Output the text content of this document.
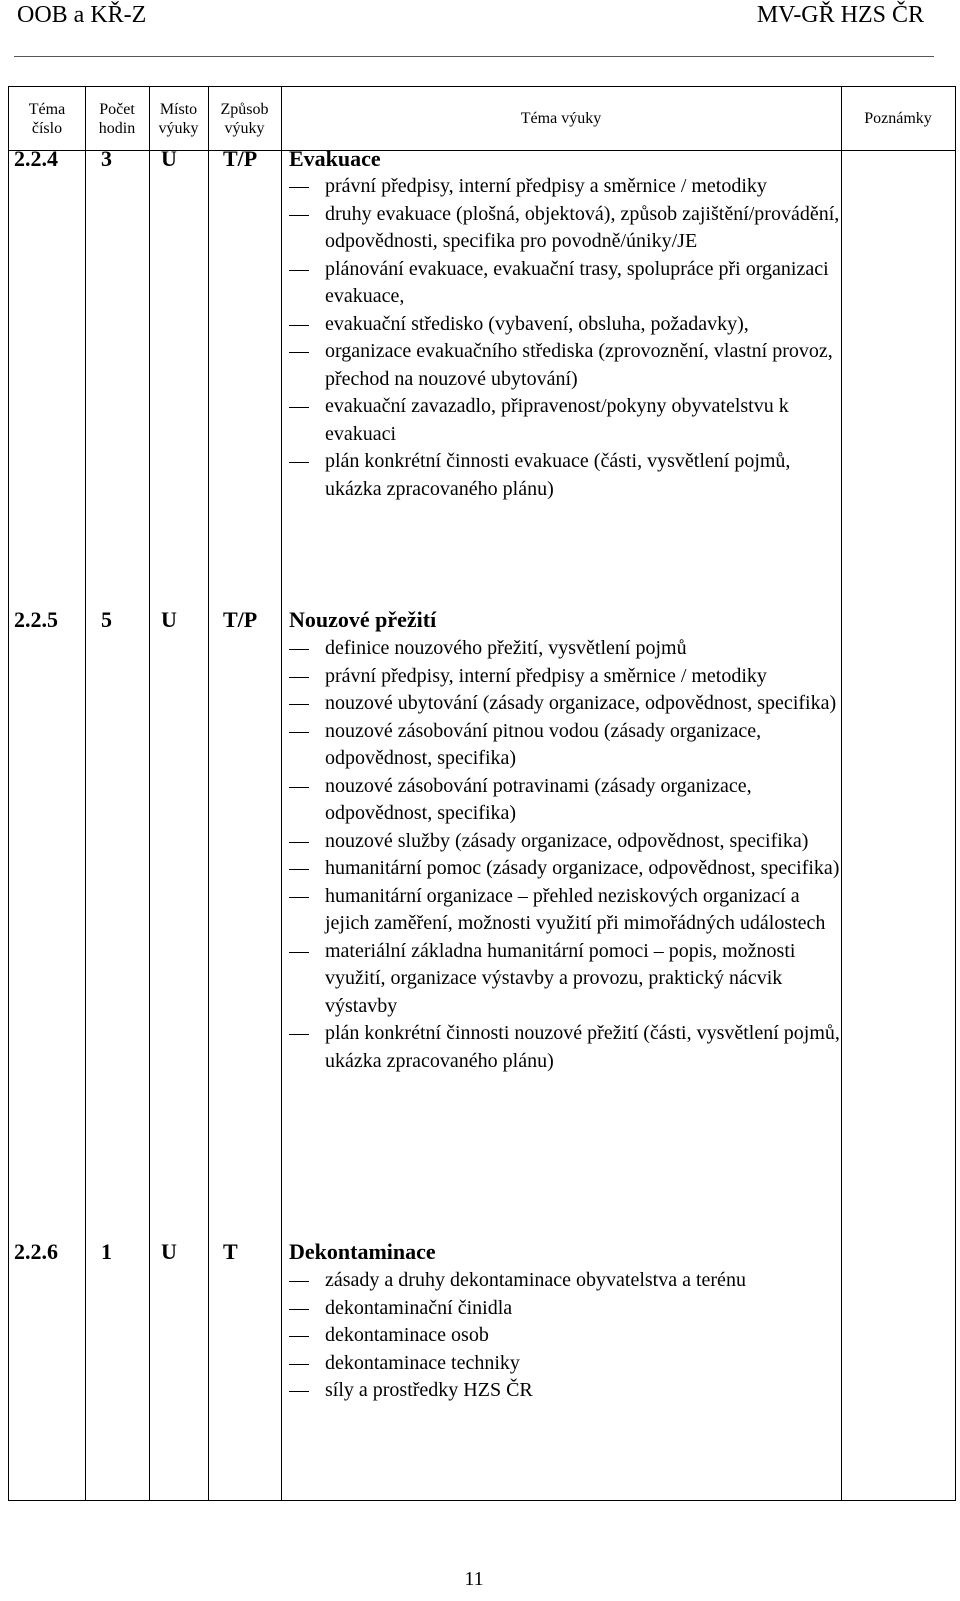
OOB a KŘ-Z	MV-GŘ HZS ČR
Téma
číslo
Počet
hodin
Místo
výuky
Způsob
výuky
Téma výuky	Poznámky
2.2.4 3 U T/P Evakuace
právní předpisy, interní předpisy a směrnice / metodiky
druhy evakuace (plošná, objektová), způsob zajištění/provádění, odpovědnosti, specifika pro povodně/úniky/JE
plánování evakuace, evakuační trasy, spolupráce při organizaci evakuace,
evakuační středisko (vybavení, obsluha, požadavky),
organizace evakuačního střediska (zprovoznění, vlastní provoz, přechod na nouzové ubytování)
evakuační zavazadlo, připravenost/pokyny obyvatelstvu k evakuaci
plán konkrétní činnosti evakuace (části, vysvětlení pojmů, ukázka zpracovaného plánu)
2.2.5 5 U T/P Nouzové přežití
definice nouzového přežití, vysvětlení pojmů
právní předpisy, interní předpisy a směrnice / metodiky
nouzové ubytování (zásady organizace, odpovědnost, specifika)
nouzové zásobování pitnou vodou (zásady organizace, odpovědnost, specifika)
nouzové zásobování potravinami (zásady organizace, odpovědnost, specifika)
nouzové služby (zásady organizace, odpovědnost, specifika)
humanitární pomoc (zásady organizace, odpovědnost, specifika)
humanitární organizace – přehled neziskových organizací a jejich zaměření, možnosti využití při mimořádných událostech
materiální základna humanitární pomoci – popis, možnosti využití, organizace výstavby a provozu, praktický nácvik výstavby
plán konkrétní činnosti nouzové přežití (části, vysvětlení pojmů, ukázka zpracovaného plánu)
2.2.6 1 U T Dekontaminace
zásady a druhy dekontaminace obyvatelstva a terénu
dekontaminační činidla
dekontaminace osob
dekontaminace techniky
síly a prostředky HZS ČR
11
